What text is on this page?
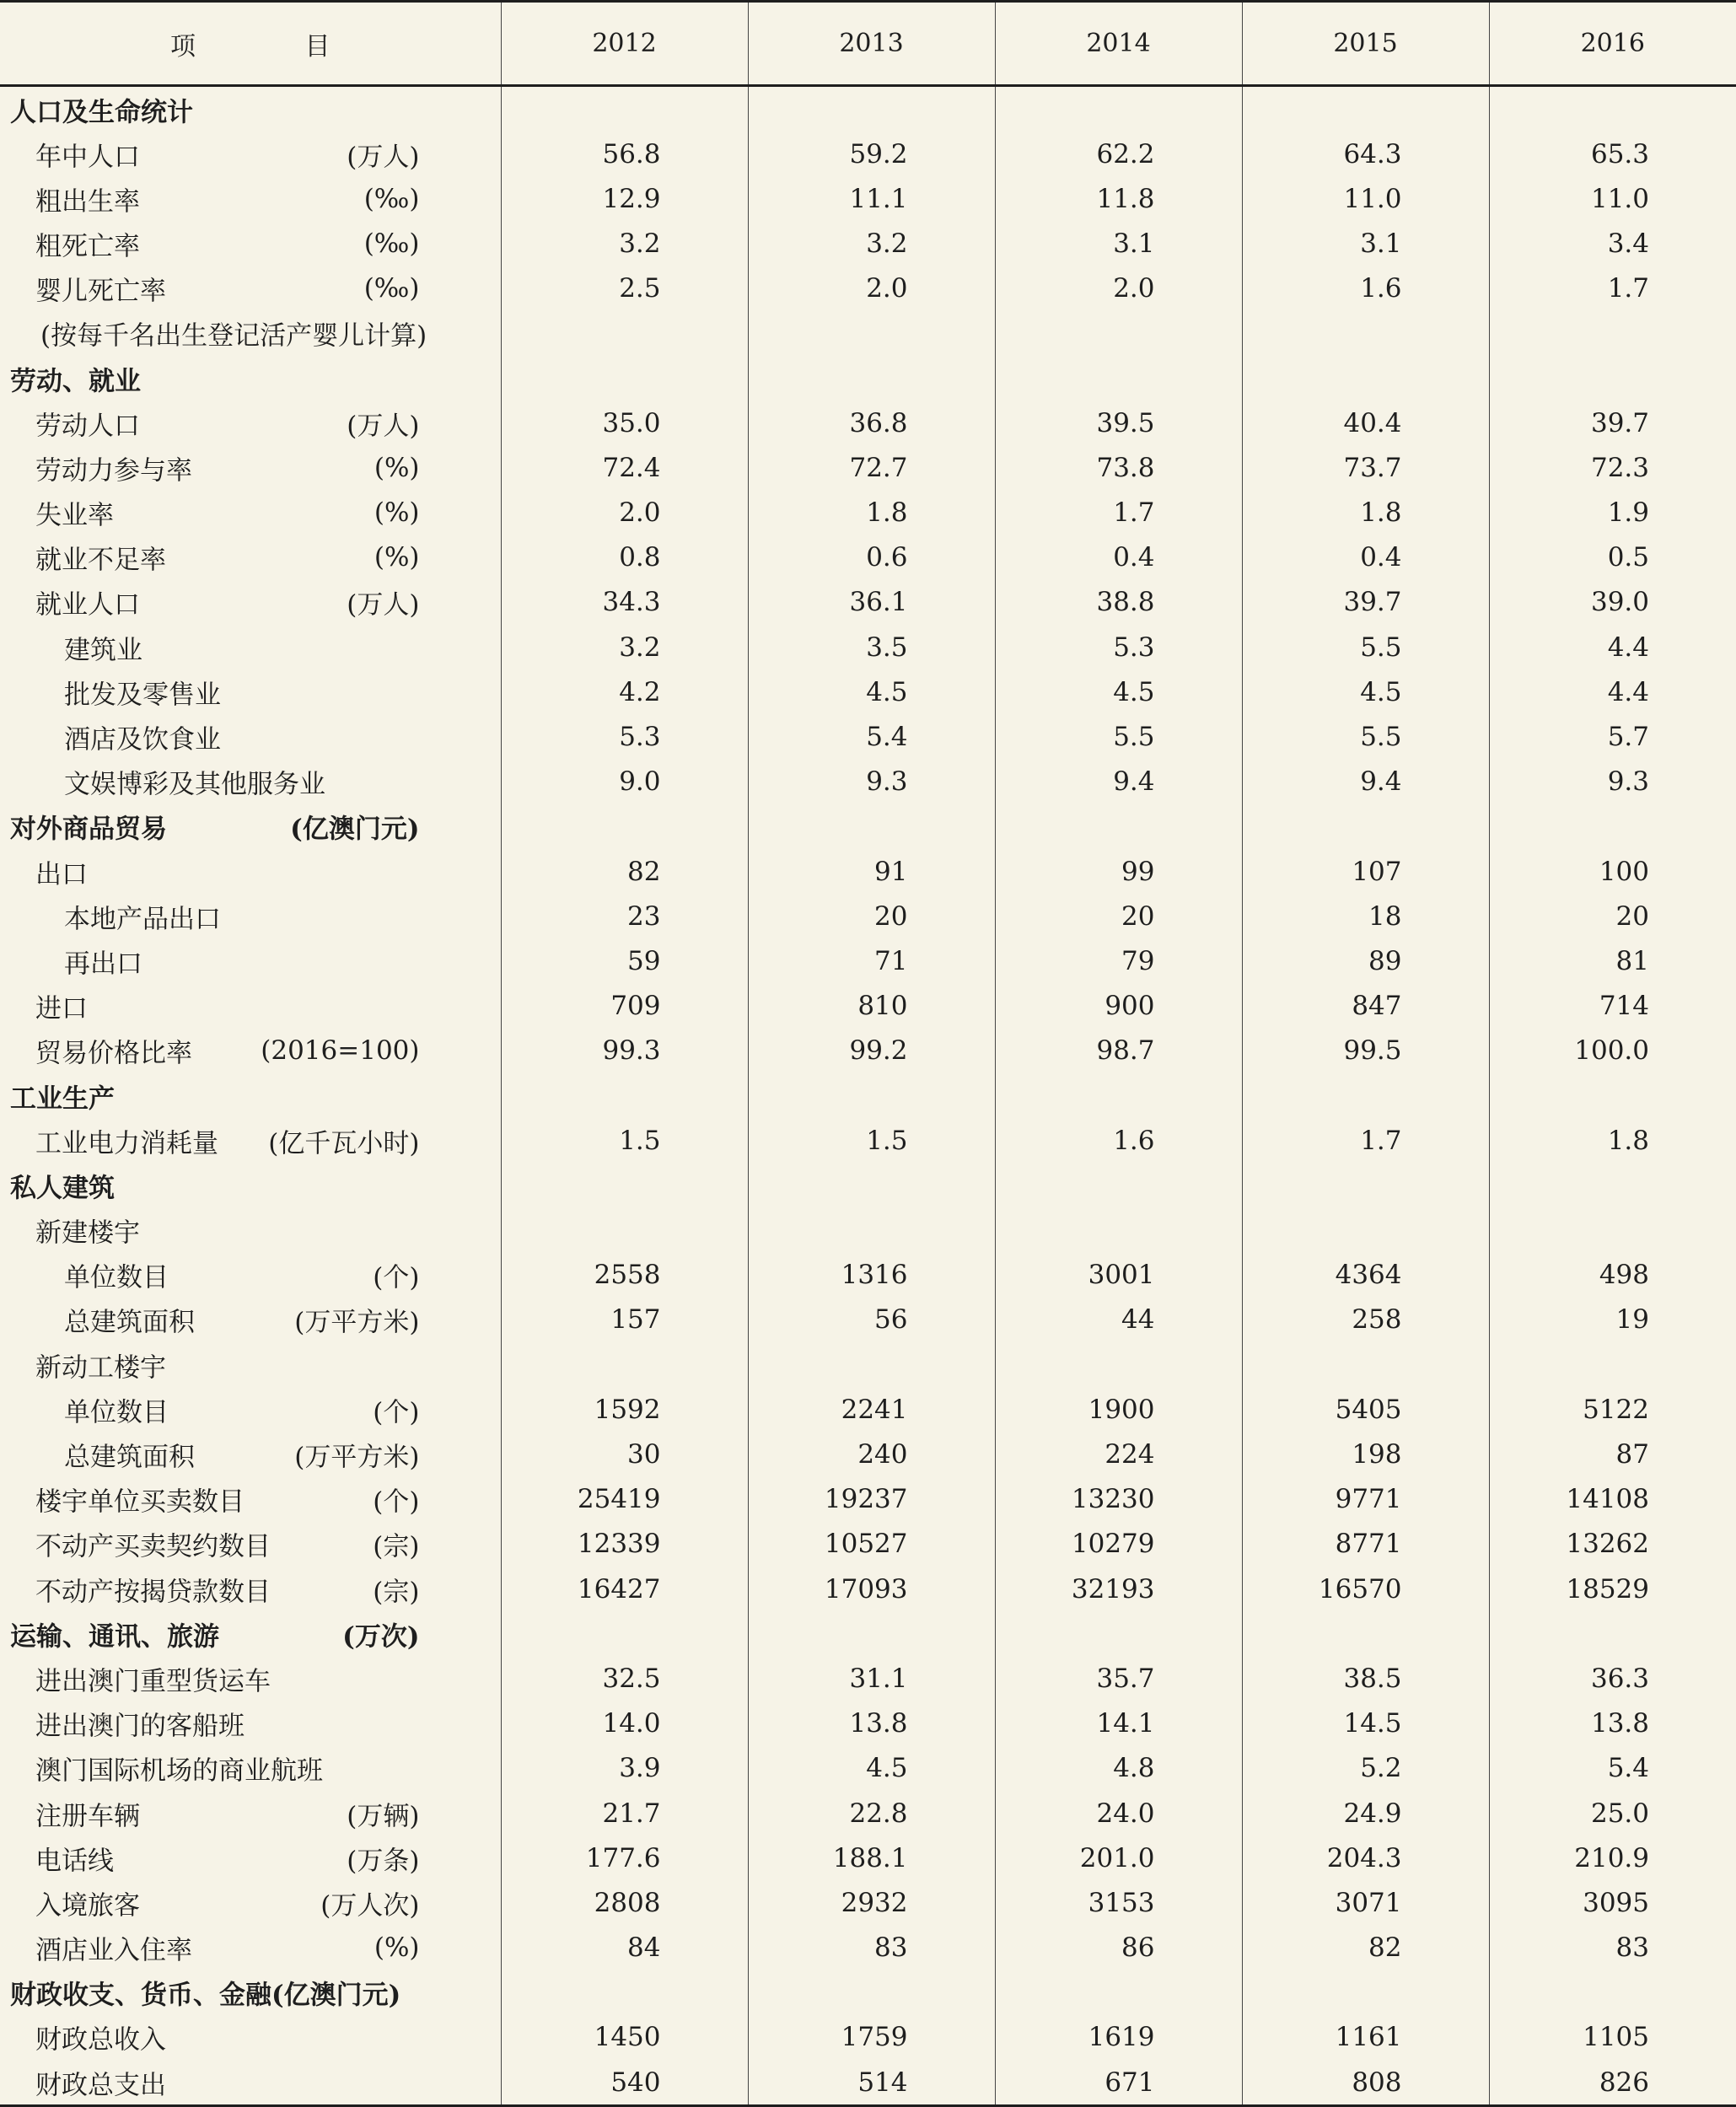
项 目	2012	2013	2014	2015	2016

人口及生命统计					

年中人口 (万人)	56.8	59.2	62.2	64.3	65.3

粗出生率 (‰)	12.9	11.1	11.8	11.0	11.0

粗死亡率 (‰)	3.2	3.2	3.1	3.1	3.4

婴儿死亡率 (‰)	2.5	2.0	2.0	1.6	1.7

(按每千名出生登记活产婴儿计算)					

劳动、就业					

劳动人口 (万人)	35.0	36.8	39.5	40.4	39.7

劳动力参与率 (%)	72.4	72.7	73.8	73.7	72.3

失业率 (%)	2.0	1.8	1.7	1.8	1.9

就业不足率 (%)	0.8	0.6	0.4	0.4	0.5

就业人口 (万人)	34.3	36.1	38.8	39.7	39.0

建筑业	3.2	3.5	5.3	5.5	4.4

批发及零售业	4.2	4.5	4.5	4.5	4.4

酒店及饮食业	5.3	5.4	5.5	5.5	5.7

文娱博彩及其他服务业	9.0	9.3	9.4	9.4	9.3

对外商品贸易 (亿澳门元)					

出口	82	91	99	107	100

本地产品出口	23	20	20	18	20

再出口	59	71	79	89	81

进口	709	810	900	847	714

贸易价格比率 (2016=100)	99.3	99.2	98.7	99.5	100.0

工业生产					

工业电力消耗量 (亿千瓦小时)	1.5	1.5	1.6	1.7	1.8

私人建筑					

新建楼宇					

单位数目 (个)	2558	1316	3001	4364	498

总建筑面积 (万平方米)	157	56	44	258	19

新动工楼宇					

单位数目 (个)	1592	2241	1900	5405	5122

总建筑面积 (万平方米)	30	240	224	198	87

楼宇单位买卖数目 (个)	25419	19237	13230	9771	14108

不动产买卖契约数目 (宗)	12339	10527	10279	8771	13262

不动产按揭贷款数目 (宗)	16427	17093	32193	16570	18529

运输、通讯、旅游 (万次)					

进出澳门重型货运车	32.5	31.1	35.7	38.5	36.3

进出澳门的客船班	14.0	13.8	14.1	14.5	13.8

澳门国际机场的商业航班	3.9	4.5	4.8	5.2	5.4

注册车辆 (万辆)	21.7	22.8	24.0	24.9	25.0

电话线 (万条)	177.6	188.1	201.0	204.3	210.9

入境旅客 (万人次)	2808	2932	3153	3071	3095

酒店业入住率 (%)	84	83	86	82	83

财政收支、货币、金融(亿澳门元)					

财政总收入	1450	1759	1619	1161	1105

财政总支出	540	514	671	808	826
